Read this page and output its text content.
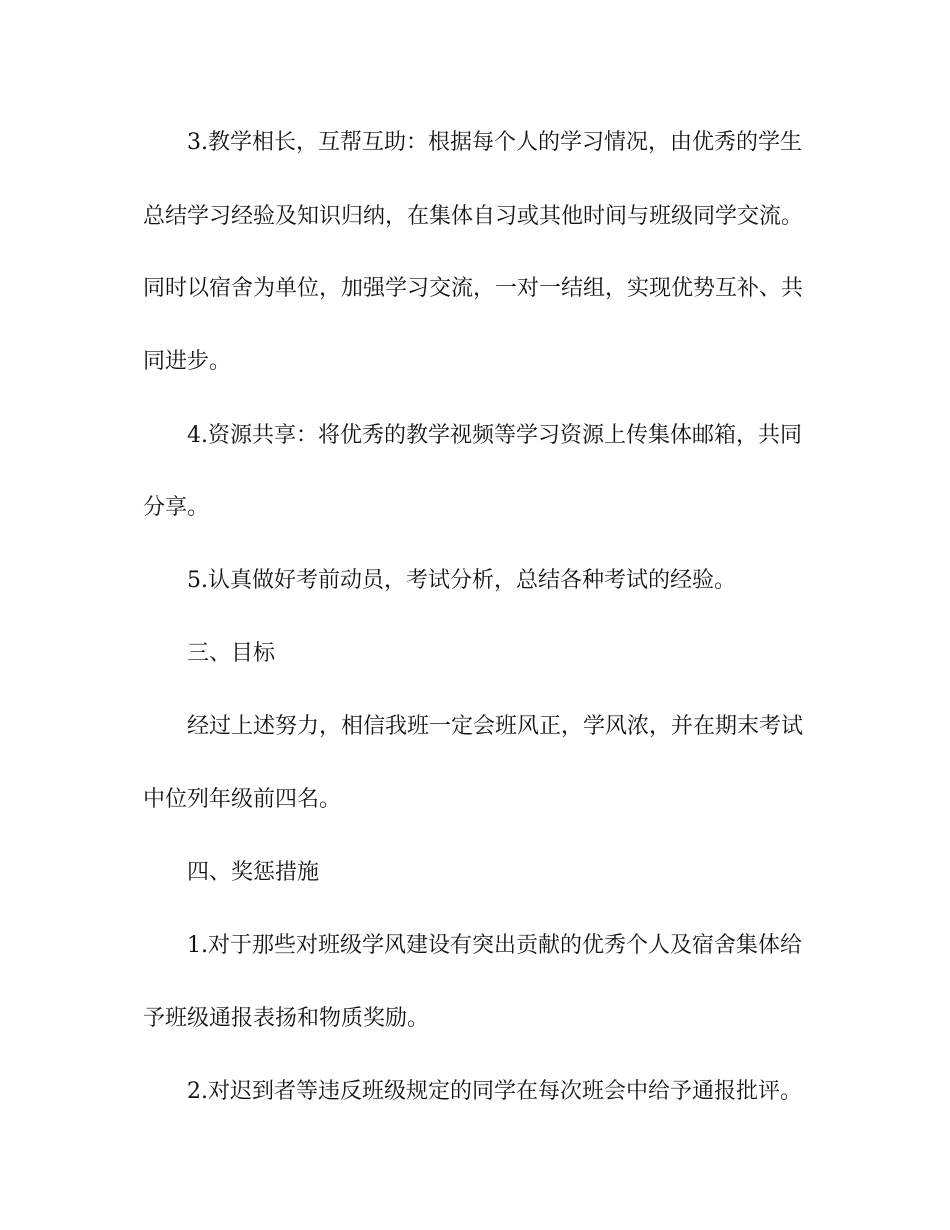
3.教学相长，互帮互助：根据每个人的学习情况，由优秀的学生

总结学习经验及知识归纳，在集体自习或其他时间与班级同学交流。

同时以宿舍为单位，加强学习交流，一对一结组，实现优势互补、共

同进步。

4.资源共享：将优秀的教学视频等学习资源上传集体邮箱，共同

分享。

5.认真做好考前动员，考试分析，总结各种考试的经验。

三、目标

经过上述努力，相信我班一定会班风正，学风浓，并在期末考试

中位列年级前四名。

四、奖惩措施

1.对于那些对班级学风建设有突出贡献的优秀个人及宿舍集体给

予班级通报表扬和物质奖励。

2.对迟到者等违反班级规定的同学在每次班会中给予通报批评。
